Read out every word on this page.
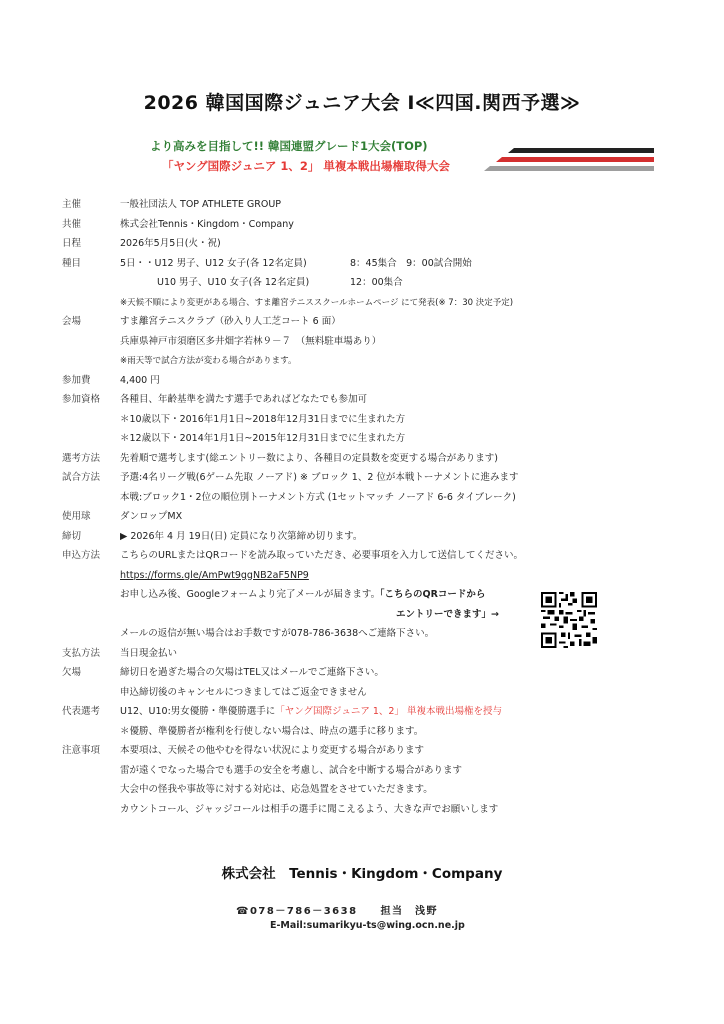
2026 韓国国際ジュニア大会 Ⅰ≪四国.関西予選≫
より高みを目指して!! 韓国連盟グレード1大会(TOP)
「ヤング国際ジュニア 1、2」 単複本戦出場権取得大会
主催	一般社団法人 TOP ATHLETE GROUP
共催	株式会社Tennis・Kingdom・Company
日程	2026年5月5日(火・祝)
種目	5日・・U12 男子、U12 女子(各 12名定員)	8：45集合　9：00試合開始
U10 男子、U10 女子(各 12名定員)	12：00集合
※天候不順により変更がある場合、すま離宮テニススクールホームページ にて発表(※ 7：30 決定予定)
会場	すま離宮テニスクラブ（砂入り人工芝コート 6 面）
兵庫県神戸市須磨区多井畑字若林９－７　（無料駐車場あり）
※雨天等で試合方法が変わる場合があります。
参加費	4,400 円
参加資格 各種目、年齢基準を満たす選手であればどなたでも参加可
＊10歳以下・2016年1月1日~2018年12月31日までに生まれた方
＊12歳以下・2014年1月1日~2015年12月31日までに生まれた方
選考方法 先着順で選考します(総エントリー数により、各種目の定員数を変更する場合があります)
試合方法 予選:4名リーグ戦(6ゲーム先取 ノーアド) ※ ブロック 1、2 位が本戦トーナメントに進みます
本戦:ブロック1・2位の順位別トーナメント方式 (1セットマッチ ノーアド 6-6 タイブレーク)
使用球	ダンロップMX
締切	▶ 2026年 4 月 19日(日) 定員になり次第締め切ります。
申込方法 こちらのURLまたはQRコードを読み取っていただき、必要事項を入力して送信してください。
https://forms.gle/AmPwt9ggNB2aF5NP9
お申し込み後、Googleフォームより完了メールが届きます。
「こちらのQRコードから
エントリーできます」→
メールの返信が無い場合はお手数ですが078-786-3638へご連絡下さい。
支払方法 当日現金払い
欠場	締切日を過ぎた場合の欠場はTEL又はメールでご連絡下さい。
申込締切後のキャンセルにつきましてはご返金できません
代表選考 U12、U10:男女優勝・準優勝選手に「ヤング国際ジュニア 1、2」 単複本戦出場権を授与
＊優勝、準優勝者が権利を行使しない場合は、時点の選手に移ります。
注意事項 本要項は、天候その他やむを得ない状況により変更する場合があります
雷が遠くでなった場合でも選手の安全を考慮し、試合を中断する場合があります
大会中の怪我や事故等に対する対応は、応急処置をさせていただきます。
カウントコール、ジャッジコールは相手の選手に聞こえるよう、大きな声でお願いします
株式会社　Tennis・Kingdom・Company
☎078－786－3638　　担当　浅野
E-Mail:sumarikyu-ts@wing.ocn.ne.jp
